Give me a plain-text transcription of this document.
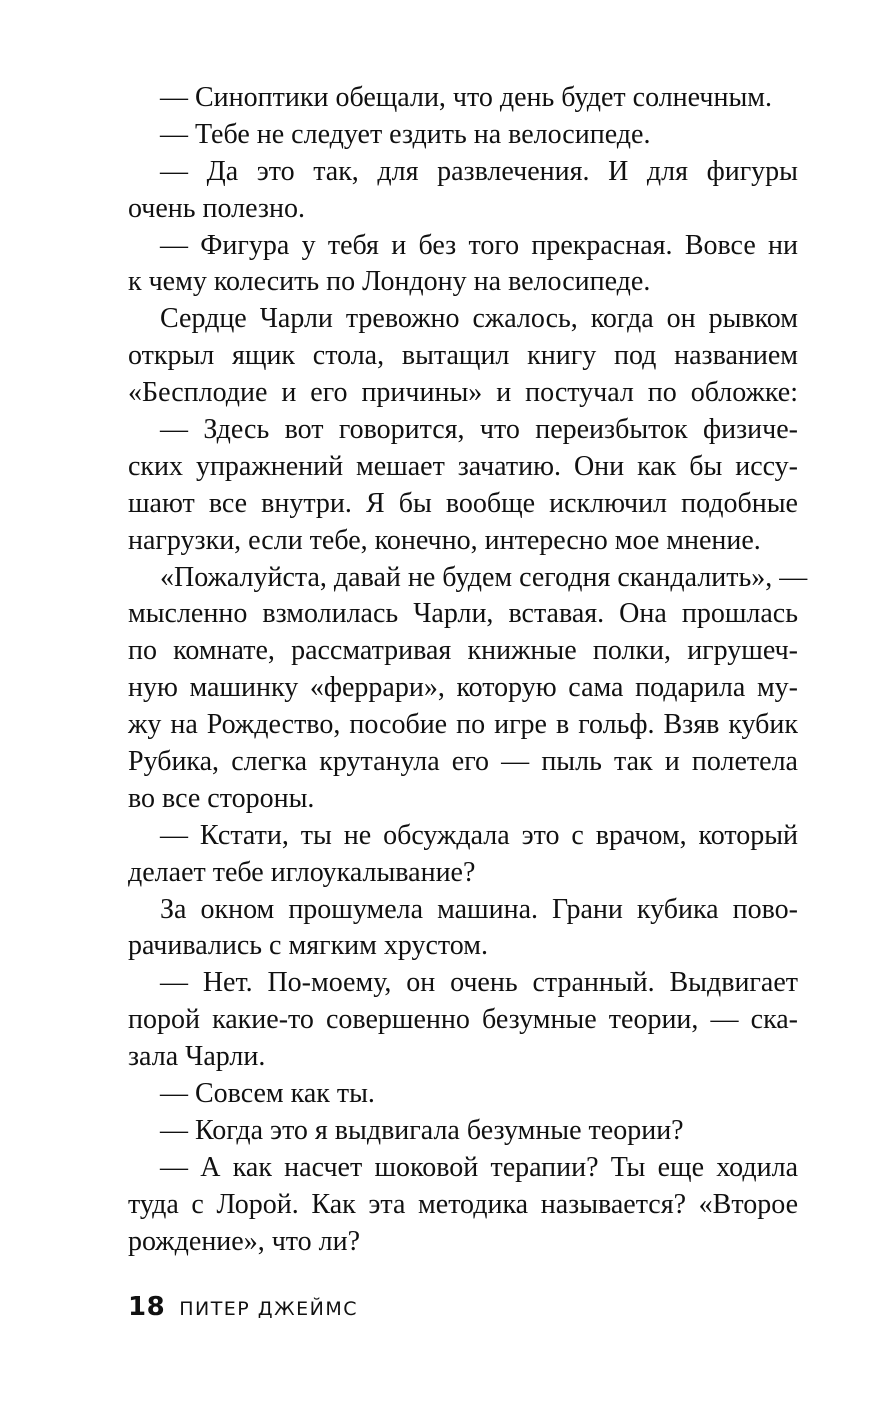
— Синоптики обещали, что день будет солнечным.
— Тебе не следует ездить на велосипеде.
— Да это так, для развлечения. И для фигуры
очень полезно.
— Фигура у тебя и без того прекрасная. Вовсе ни
к чему колесить по Лондону на велосипеде.
Сердце Чарли тревожно сжалось, когда он рывком
открыл ящик стола, вытащил книгу под названием
«Бесплодие и его причины» и постучал по обложке:
— Здесь вот говорится, что переизбыток физиче-
ских упражнений мешает зачатию. Они как бы иссу-
шают все внутри. Я бы вообще исключил подобные
нагрузки, если тебе, конечно, интересно мое мнение.
«Пожалуйста, давай не будем сегодня скандалить», —
мысленно взмолилась Чарли, вставая. Она прошлась
по комнате, рассматривая книжные полки, игрушеч-
ную машинку «феррари», которую сама подарила му-
жу на Рождество, пособие по игре в гольф. Взяв кубик
Рубика, слегка крутанула его — пыль так и полетела
во все стороны.
— Кстати, ты не обсуждала это с врачом, который
делает тебе иглоукалывание?
За окном прошумела машина. Грани кубика пово-
рачивались с мягким хрустом.
— Нет. По-моему, он очень странный. Выдвигает
порой какие-то совершенно безумные теории, — ска-
зала Чарли.
— Совсем как ты.
— Когда это я выдвигала безумные теории?
— А как насчет шоковой терапии? Ты еще ходила
туда с Лорой. Как эта методика называется? «Второе
рождение», что ли?
18 ПИТЕР ДЖЕЙМС
